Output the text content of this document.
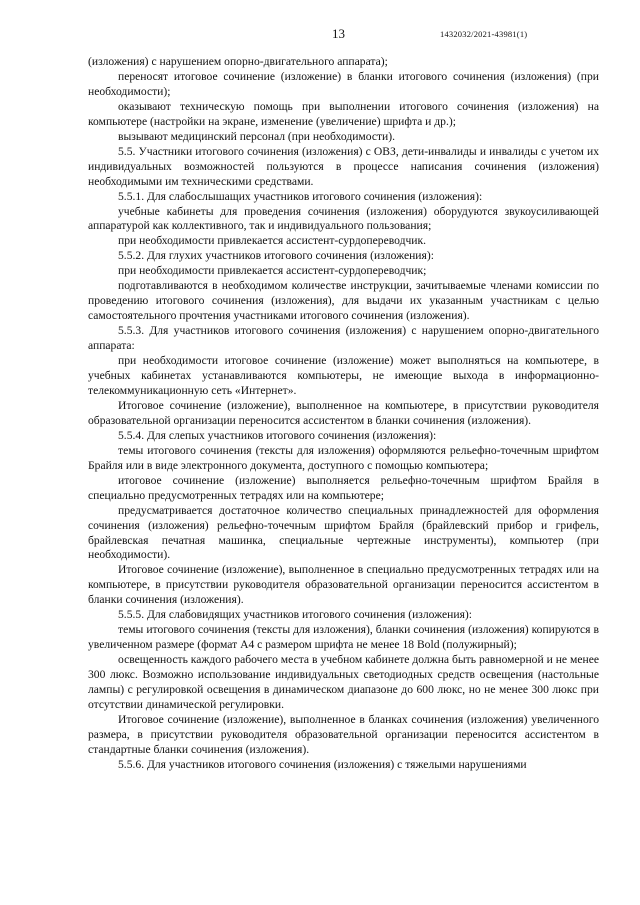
13	1432032/2021-43981(1)

(изложения) с нарушением опорно-двигательного аппарата);

переносят итоговое сочинение (изложение) в бланки итогового сочинения (изложения) (при необходимости);

оказывают техническую помощь при выполнении итогового сочинения (изложения) на компьютере (настройки на экране, изменение (увеличение) шрифта и др.);

вызывают медицинский персонал (при необходимости).

5.5. Участники итогового сочинения (изложения) с ОВЗ, дети-инвалиды и инвалиды с учетом их индивидуальных возможностей пользуются в процессе написания сочинения (изложения) необходимыми им техническими средствами.

5.5.1. Для слабослышащих участников итогового сочинения (изложения):

учебные кабинеты для проведения сочинения (изложения) оборудуются звукоусиливающей аппаратурой как коллективного, так и индивидуального пользования;

при необходимости привлекается ассистент-сурдопереводчик.

5.5.2. Для глухих участников итогового сочинения (изложения):

при необходимости привлекается ассистент-сурдопереводчик;

подготавливаются в необходимом количестве инструкции, зачитываемые членами комиссии по проведению итогового сочинения (изложения), для выдачи их указанным участникам с целью самостоятельного прочтения участниками итогового сочинения (изложения).

5.5.3. Для участников итогового сочинения (изложения) с нарушением опорно-двигательного аппарата:

при необходимости итоговое сочинение (изложение) может выполняться на компьютере, в учебных кабинетах устанавливаются компьютеры, не имеющие выхода в информационно-телекоммуникационную сеть «Интернет».

Итоговое сочинение (изложение), выполненное на компьютере, в присутствии руководителя образовательной организации переносится ассистентом в бланки сочинения (изложения).

5.5.4. Для слепых участников итогового сочинения (изложения):

темы итогового сочинения (тексты для изложения) оформляются рельефно-точечным шрифтом Брайля или в виде электронного документа, доступного с помощью компьютера;

итоговое сочинение (изложение) выполняется рельефно-точечным шрифтом Брайля в специально предусмотренных тетрадях или на компьютере;

предусматривается достаточное количество специальных принадлежностей для оформления сочинения (изложения) рельефно-точечным шрифтом Брайля (брайлевский прибор и грифель, брайлевская печатная машинка, специальные чертежные инструменты), компьютер (при необходимости).

Итоговое сочинение (изложение), выполненное в специально предусмотренных тетрадях или на компьютере, в присутствии руководителя образовательной организации переносится ассистентом в бланки сочинения (изложения).

5.5.5. Для слабовидящих участников итогового сочинения (изложения):

темы итогового сочинения (тексты для изложения), бланки сочинения (изложения) копируются в увеличенном размере (формат А4 с размером шрифта не менее 18 Bold (полужирный);

освещенность каждого рабочего места в учебном кабинете должна быть равномерной и не менее 300 люкс. Возможно использование индивидуальных светодиодных средств освещения (настольные лампы) с регулировкой освещения в динамическом диапазоне до 600 люкс, но не менее 300 люкс при отсутствии динамической регулировки.

Итоговое сочинение (изложение), выполненное в бланках сочинения (изложения) увеличенного размера, в присутствии руководителя образовательной организации переносится ассистентом в стандартные бланки сочинения (изложения).

5.5.6. Для участников итогового сочинения (изложения) с тяжелыми нарушениями
